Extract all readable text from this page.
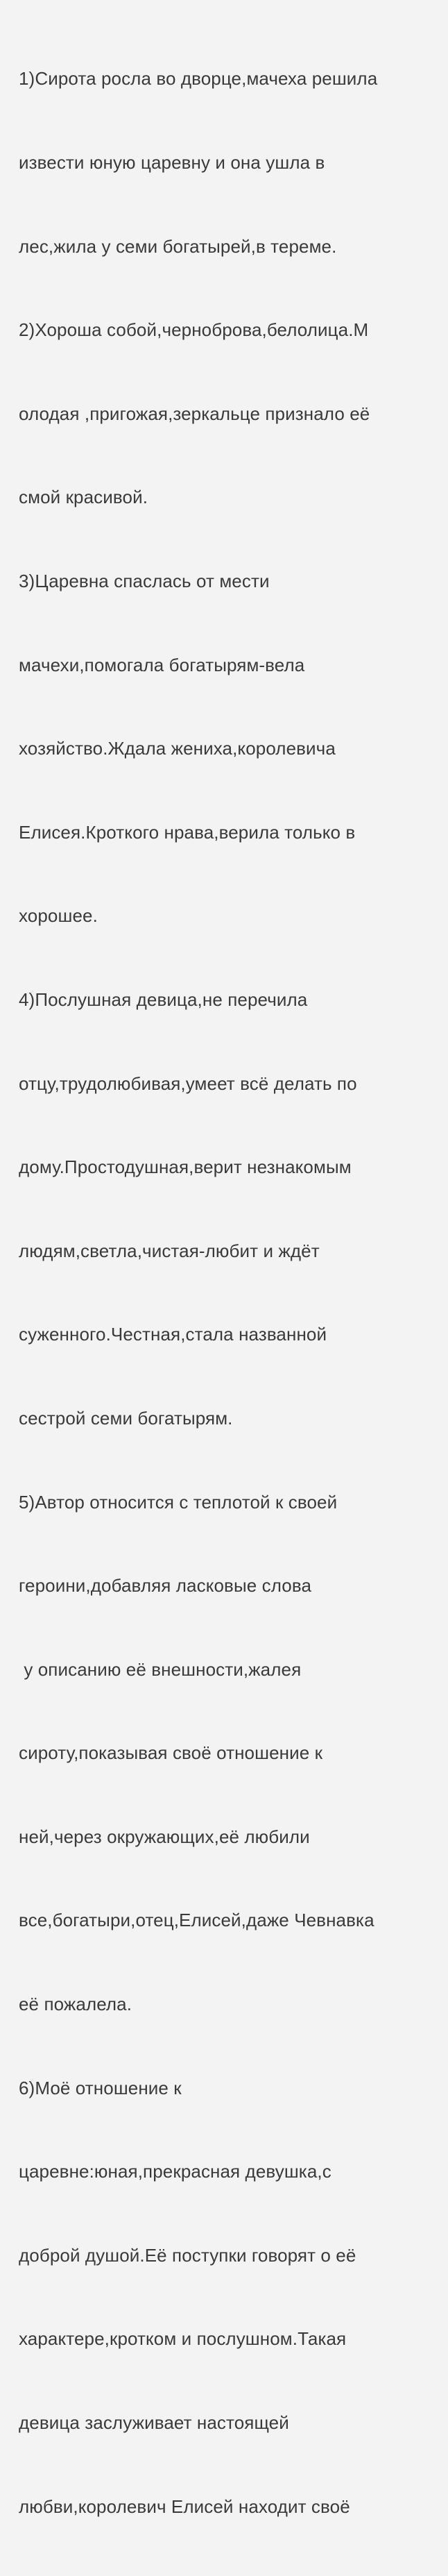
1)Сирота росла во дворце,мачеха решила

извести юную царевну и она ушла в

лес,жила у семи богатырей,в тереме.

2)Хороша собой,черноброва,белолица.М

олодая ,пригожая,зеркальце признало её

смой красивой.

3)Царевна спаслась от мести

мачехи,помогала богатырям-вела

хозяйство.Ждала жениха,королевича

Елисея.Кроткого нрава,верила только в

хорошее.

4)Послушная девица,не перечила

отцу,трудолюбивая,умеет всё делать по

дому.Простодушная,верит незнакомым

людям,светла,чистая-любит и ждёт

суженного.Честная,стала названной

сестрой семи богатырям.

5)Автор относится с теплотой к своей

героини,добавляя ласковые слова

у описанию её внешности,жалея

сироту,показывая своё отношение к

ней,через окружающих,её любили

все,богатыри,отец,Елисей,даже Чевнавка

её пожалела.

6)Моё отношение к

царевне:юная,прекрасная девушка,с

доброй душой.Её поступки говорят о её

характере,кротком и послушном.Такая

девица заслуживает настоящей

любви,королевич Елисей находит своё
